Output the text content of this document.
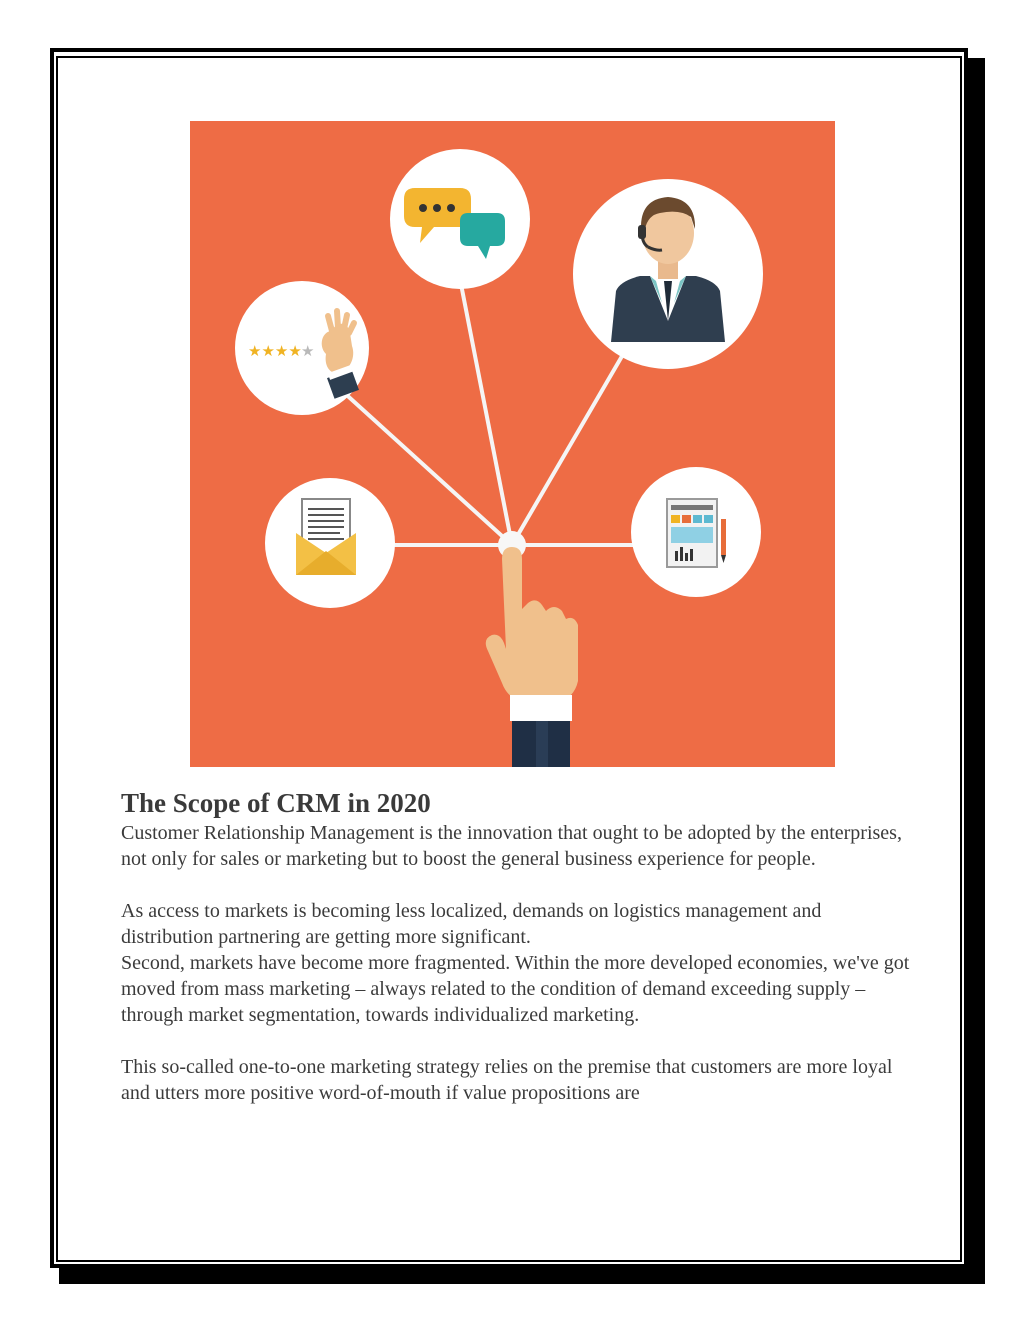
★★★★ ★
The Scope of CRM in 2020

Customer Relationship Management is the innovation that ought to be adopted by the enterprises, not only for sales or marketing but to boost the general business experience for people.

As access to markets is becoming less localized, demands on logistics management and distribution partnering are getting more significant.

Second, markets have become more fragmented. Within the more developed economies, we've got moved from mass marketing – always related to the condition of demand exceeding supply – through market segmentation, towards individualized marketing.

This so-called one-to-one marketing strategy relies on the premise that customers are more loyal and utters more positive word-of-mouth if value propositions are
